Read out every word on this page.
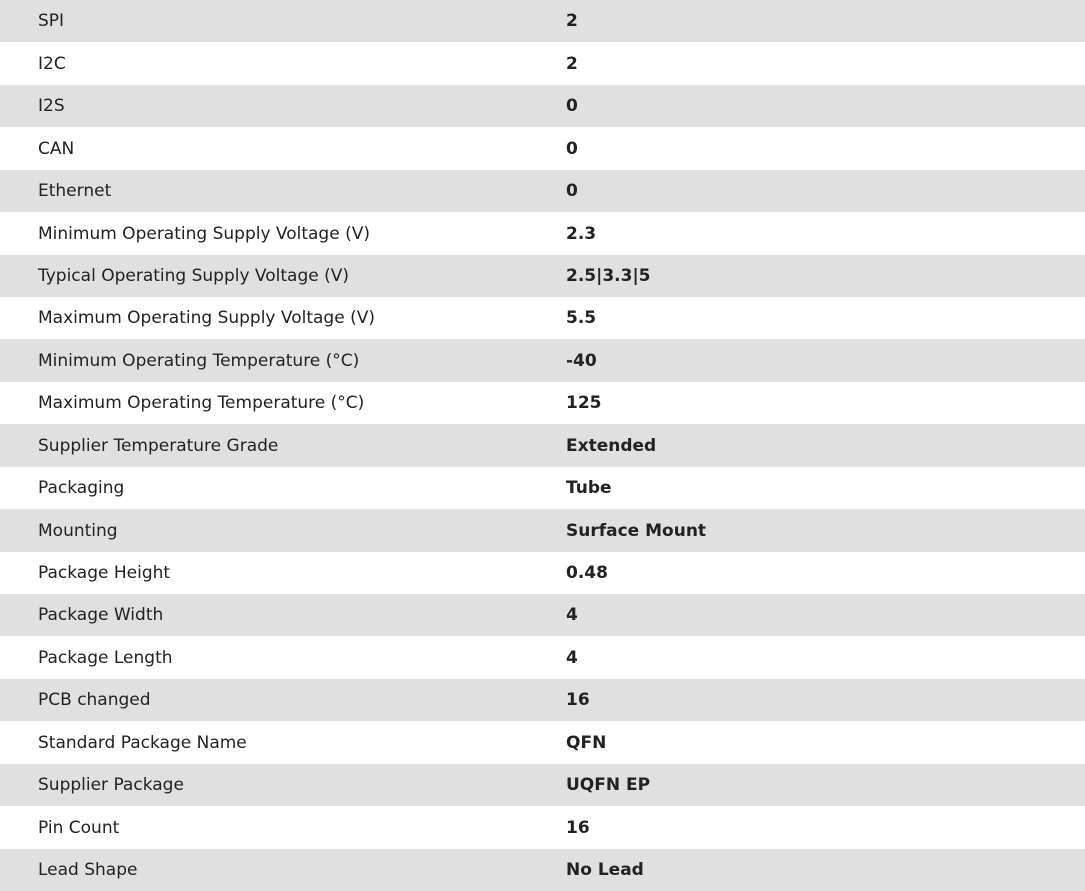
SPI	2
I2C	2
I2S	0
CAN	0
Ethernet	0
Minimum Operating Supply Voltage (V)	2.3
Typical Operating Supply Voltage (V)	2.5|3.3|5
Maximum Operating Supply Voltage (V)	5.5
Minimum Operating Temperature (°C)	-40
Maximum Operating Temperature (°C)	125
Supplier Temperature Grade	Extended
Packaging	Tube
Mounting	Surface Mount
Package Height	0.48
Package Width	4
Package Length	4
PCB changed	16
Standard Package Name	QFN
Supplier Package	UQFN EP
Pin Count	16
Lead Shape	No Lead
